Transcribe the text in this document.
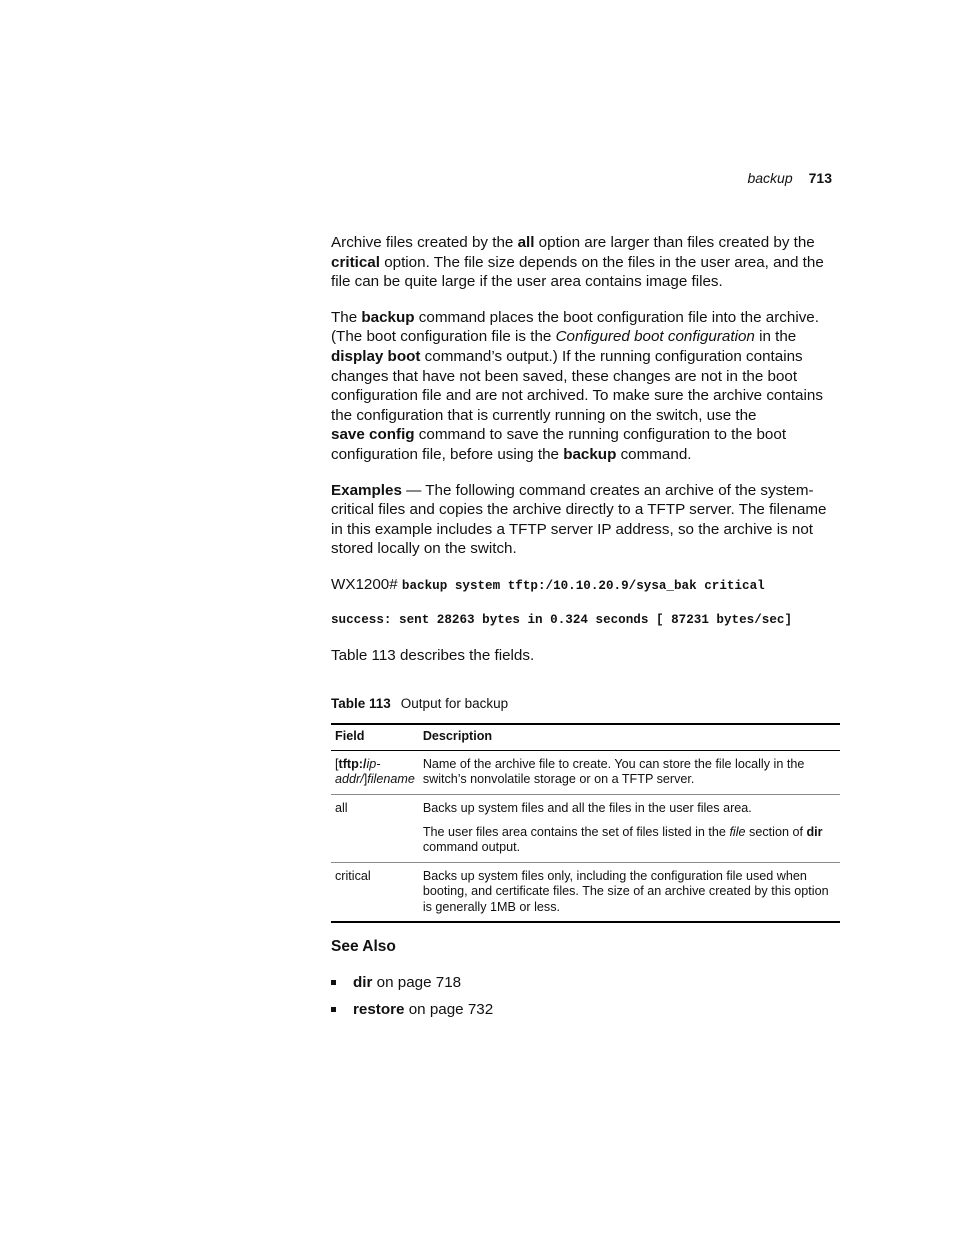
backup 713

Archive files created by the all option are larger than files created by the critical option. The file size depends on the files in the user area, and the file can be quite large if the user area contains image files.

The backup command places the boot configuration file into the archive. (The boot configuration file is the Configured boot configuration in the display boot command’s output.) If the running configuration contains changes that have not been saved, these changes are not in the boot configuration file and are not archived. To make sure the archive contains the configuration that is currently running on the switch, use the
save config command to save the running configuration to the boot configuration file, before using the backup command.

Examples — The following command creates an archive of the system-critical files and copies the archive directly to a TFTP server. The filename in this example includes a TFTP server IP address, so the archive is not stored locally on the switch.

WX1200# backup system tftp:/10.10.20.9/sysa_bak critical
success: sent 28263 bytes in 0.324 seconds [ 87231 bytes/sec]

Table 113 describes the fields.

Table 113 Output for backup
Field	Description
[tftp:/ip-addr/]filename	Name of the archive file to create. You can store the file locally in the switch’s nonvolatile storage or on a TFTP server.
all	Backs up system files and all the files in the user files area.
The user files area contains the set of files listed in the file section of dir command output.

critical	Backs up system files only, including the configuration file used when booting, and certificate files. The size of an archive created by this option is generally 1MB or less.
See Also
dir on page 718
restore on page 732
